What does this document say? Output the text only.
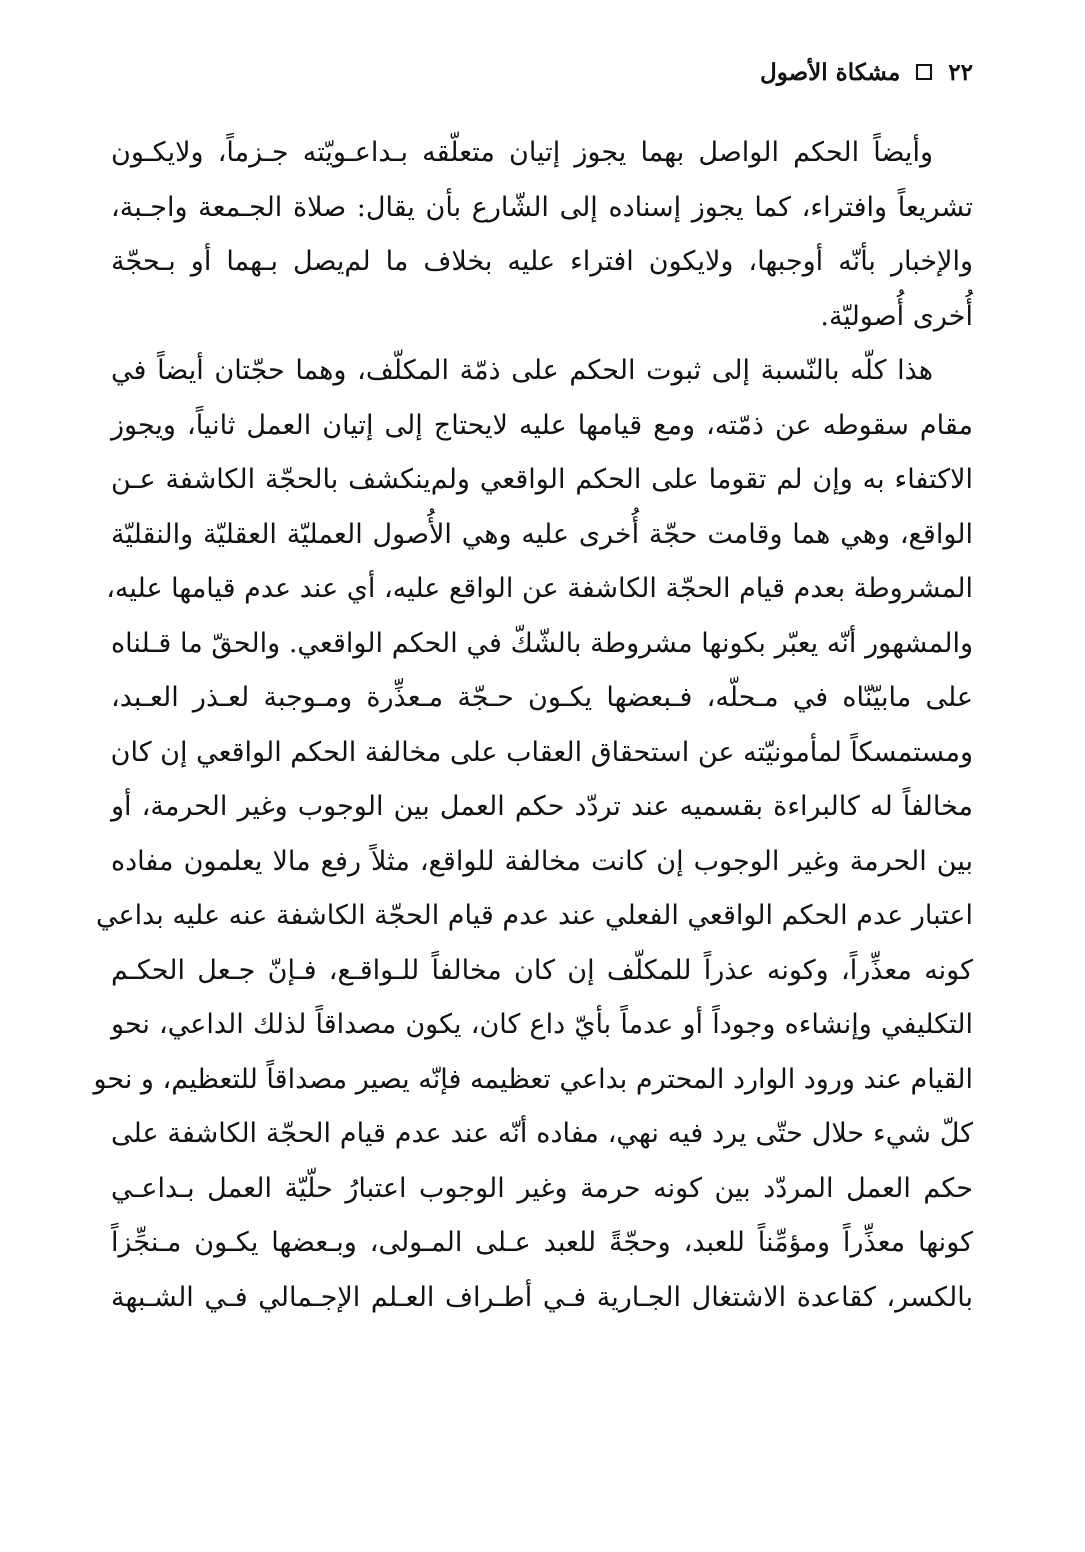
٢٢
مشكاة الأصول

وأيضاً الحكم الواصل بهما يجوز إتيان متعلّقه بـداعـويّته جـزماً، ولايكـون

تشريعاً وافتراء، كما يجوز إسناده إلى الشّارع بأن يقال: صلاة الجـمعة واجـبة،

والإخبار بأنّه أوجبها، ولايكون افتراء عليه بخلاف ما لم‌يصل بـهما أو بـحجّة

أُخرى أُصوليّة.

هذا كلّه بالنّسبة إلى ثبوت الحكم على ذمّة المكلّف، وهما حجّتان أيضاً في

مقام سقوطه عن ذمّته، ومع قيامها عليه لايحتاج إلى إتيان العمل ثانياً، ويجوز

الاكتفاء به وإن لم تقوما على الحكم الواقعي ولم‌ينكشف بالحجّة الكاشفة عـن

الواقع، وهي هما وقامت حجّة أُخرى عليه وهي الأُصول العمليّة العقليّة والنقليّة

المشروطة بعدم قيام الحجّة الكاشفة عن الواقع عليه، أي عند عدم قيامها عليه،

والمشهور أنّه يعبّر بكونها مشروطة بالشّكّ في الحكم الواقعي. والحقّ ما قـلناه

على مابيّنّاه في مـحلّه، فـبعضها يكـون حـجّة مـعذِّرة ومـوجبة لعـذر العـبد،

ومستمسكاً لمأمونيّته عن استحقاق العقاب على مخالفة الحكم الواقعي إن كان

مخالفاً له كالبراءة بقسميه عند تردّد حكم العمل بين الوجوب وغير الحرمة، أو

بين الحرمة وغير الوجوب إن كانت مخالفة للواقع، مثلاً رفع مالا يعلمون مفاده

اعتبار عدم الحكم الواقعي الفعلي عند عدم قيام الحجّة الكاشفة عنه عليه بداعي

كونه معذِّراً، وكونه عذراً للمكلّف إن كان مخالفاً للـواقـع، فـإنّ جـعل الحكـم

التكليفي وإنشاءه وجوداً أو عدماً بأيّ داع كان، يكون مصداقاً لذلك الداعي، نحو

القيام عند ورود الوارد المحترم بداعي تعظيمه فإنّه يصير مصداقاً للتعظيم، و نحو

كلّ شيء حلال حتّى يرد فيه نهي، مفاده أنّه عند عدم قيام الحجّة الكاشفة على

حكم العمل المردّد بين كونه حرمة وغير الوجوب اعتبارُ حلّيّة العمل بـداعـي

كونها معذِّراً ومؤمِّناً للعبد، وحجّةً للعبد عـلى المـولى، وبـعضها يكـون مـنجِّزاً

بالكسر، كقاعدة الاشتغال الجـارية فـي أطـراف العـلم الإجـمالي فـي الشـبهة
